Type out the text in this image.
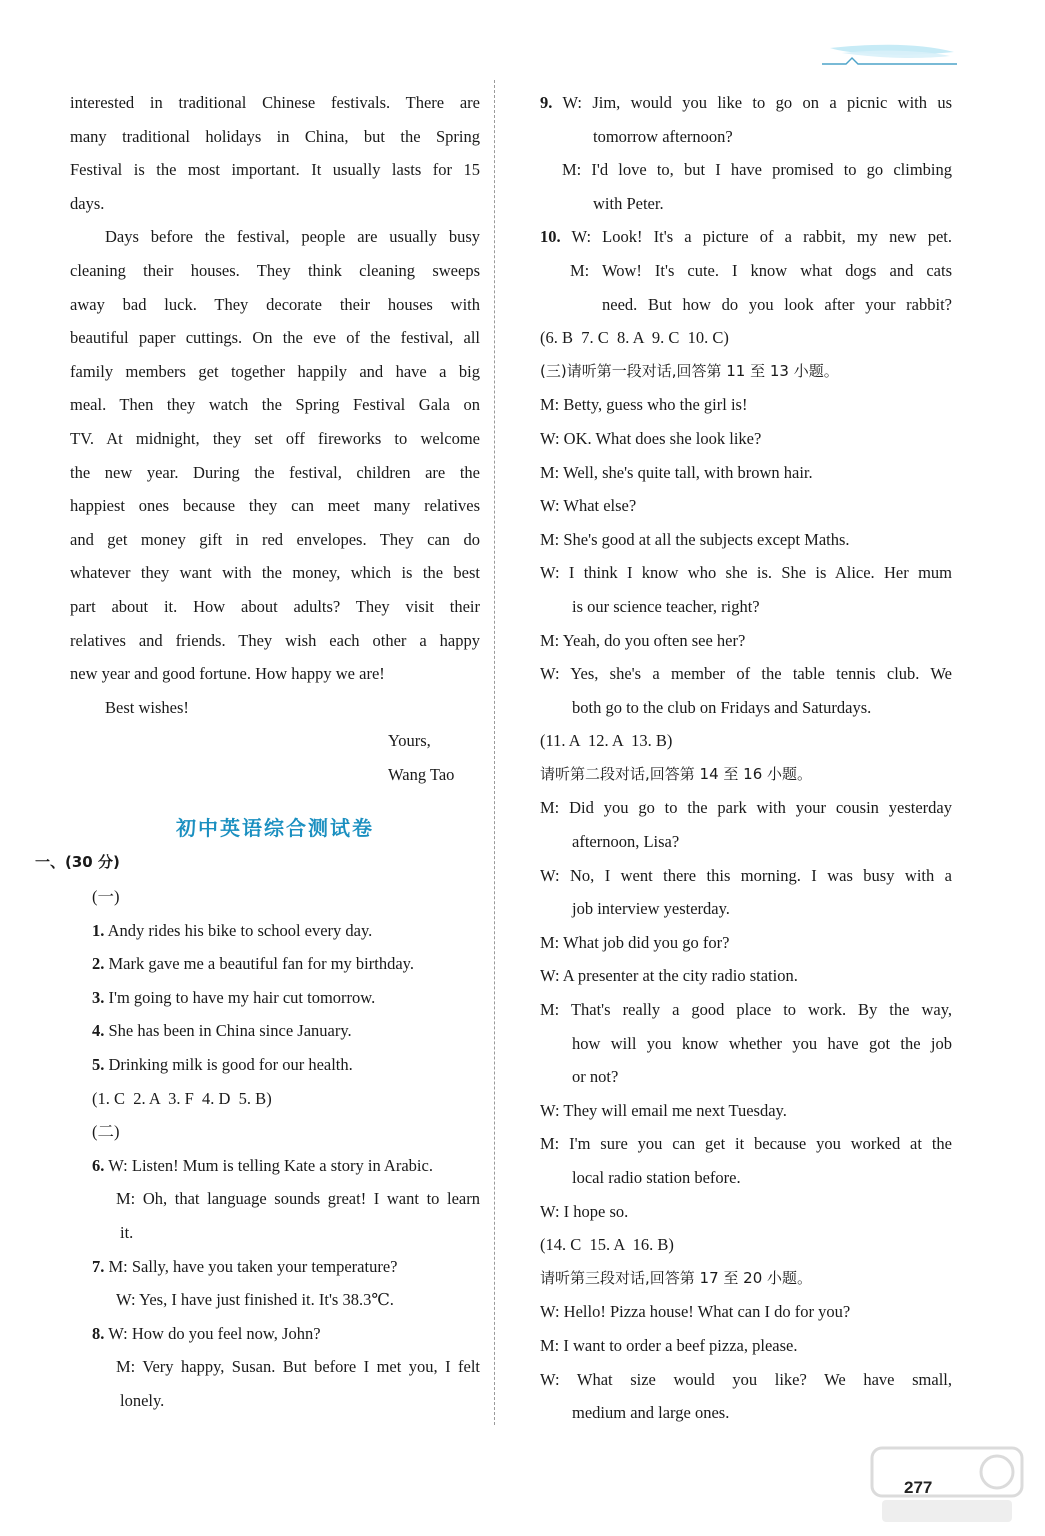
interested in traditional Chinese festivals. There are
many traditional holidays in China, but the Spring
Festival is the most important. It usually lasts for 15
days.
Days before the festival, people are usually busy
cleaning their houses. They think cleaning sweeps
away bad luck. They decorate their houses with
beautiful paper cuttings. On the eve of the festival, all
family members get together happily and have a big
meal. Then they watch the Spring Festival Gala on
TV. At midnight, they set off fireworks to welcome
the new year. During the festival, children are the
happiest ones because they can meet many relatives
and get money gift in red envelopes. They can do
whatever they want with the money, which is the best
part about it. How about adults? They visit their
relatives and friends. They wish each other a happy
new year and good fortune. How happy we are!
Best wishes!
Yours,
Wang Tao
初中英语综合测试卷
一、(30 分)
(一)
1. Andy rides his bike to school every day.
2. Mark gave me a beautiful fan for my birthday.
3. I'm going to have my hair cut tomorrow.
4. She has been in China since January.
5. Drinking milk is good for our health.
(1. C  2. A  3. F  4. D  5. B)
(二)
6. W: Listen! Mum is telling Kate a story in Arabic.
M: Oh, that language sounds great! I want to learn
it.
7. M: Sally, have you taken your temperature?
W: Yes, I have just finished it. It's 38.3℃.
8. W: How do you feel now, John?
M: Very happy, Susan. But before I met you, I felt
lonely.
9. W: Jim, would you like to go on a picnic with us
tomorrow afternoon?
M: I'd love to, but I have promised to go climbing
with Peter.
10. W: Look! It's a picture of a rabbit, my new pet.
M: Wow! It's cute. I know what dogs and cats
need. But how do you look after your rabbit?
(6. B  7. C  8. A  9. C  10. C)
(三)请听第一段对话,回答第 11 至 13 小题。
M: Betty, guess who the girl is!
W: OK. What does she look like?
M: Well, she's quite tall, with brown hair.
W: What else?
M: She's good at all the subjects except Maths.
W: I think I know who she is. She is Alice. Her mum
is our science teacher, right?
M: Yeah, do you often see her?
W: Yes, she's a member of the table tennis club. We
both go to the club on Fridays and Saturdays.
(11. A  12. A  13. B)
请听第二段对话,回答第 14 至 16 小题。
M: Did you go to the park with your cousin yesterday
afternoon, Lisa?
W: No, I went there this morning. I was busy with a
job interview yesterday.
M: What job did you go for?
W: A presenter at the city radio station.
M: That's really a good place to work. By the way,
how will you know whether you have got the job
or not?
W: They will email me next Tuesday.
M: I'm sure you can get it because you worked at the
local radio station before.
W: I hope so.
(14. C  15. A  16. B)
请听第三段对话,回答第 17 至 20 小题。
W: Hello! Pizza house! What can I do for you?
M: I want to order a beef pizza, please.
W: What size would you like? We have small,
medium and large ones.
277
